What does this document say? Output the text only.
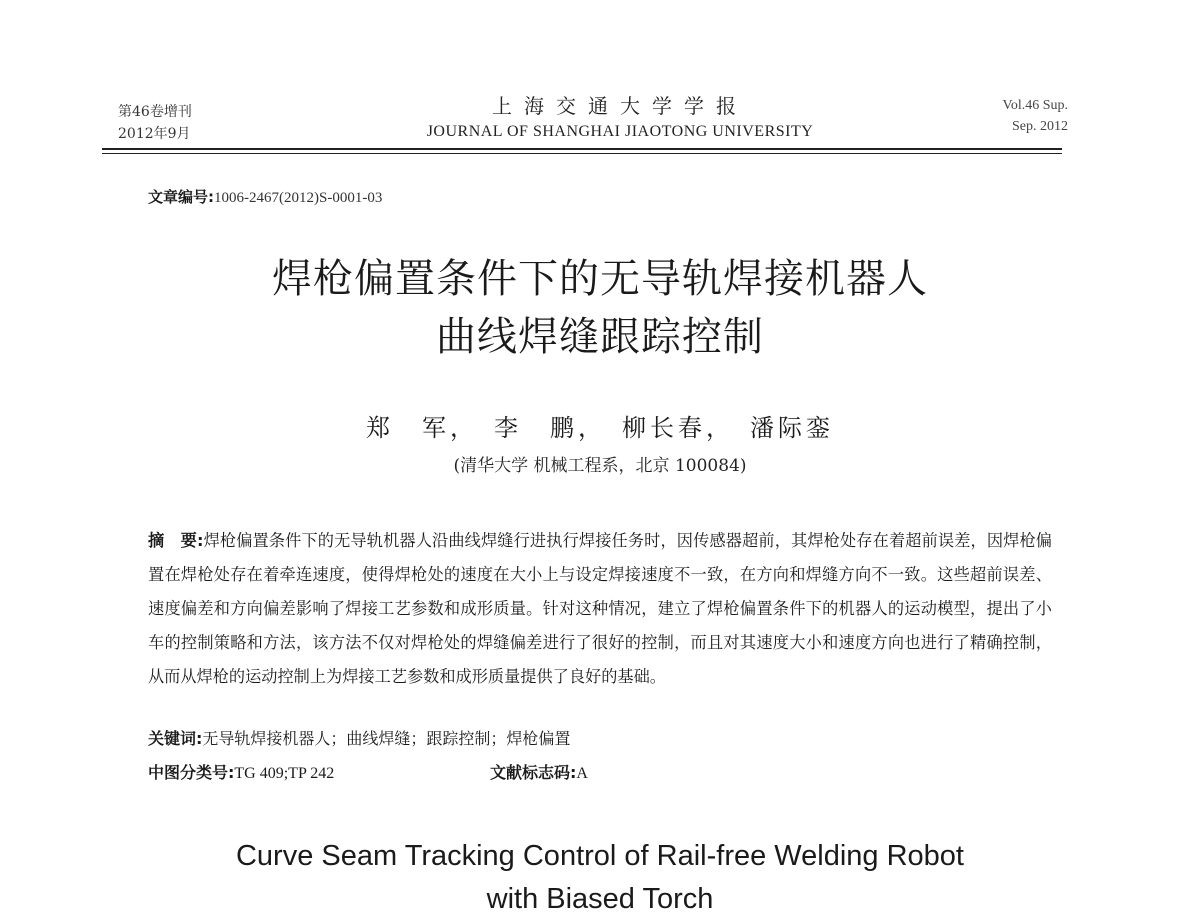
第46卷增刊
2012年9月
上海交通大学学报
JOURNAL OF SHANGHAI JIAOTONG UNIVERSITY
Vol.46 Sup.
Sep. 2012
文章编号:1006-2467(2012)S-0001-03
焊枪偏置条件下的无导轨焊接机器人
曲线焊缝跟踪控制
郑　军，　李　鹏，　柳长春，　潘际銮
(清华大学 机械工程系，北京 100084)
摘　要:焊枪偏置条件下的无导轨机器人沿曲线焊缝行进执行焊接任务时，因传感器超前，其焊枪处存在着超前误差，因焊枪偏置在焊枪处存在着牵连速度，使得焊枪处的速度在大小上与设定焊接速度不一致，在方向和焊缝方向不一致。这些超前误差、速度偏差和方向偏差影响了焊接工艺参数和成形质量。针对这种情况，建立了焊枪偏置条件下的机器人的运动模型，提出了小车的控制策略和方法，该方法不仅对焊枪处的焊缝偏差进行了很好的控制，而且对其速度大小和速度方向也进行了精确控制，从而从焊枪的运动控制上为焊接工艺参数和成形质量提供了良好的基础。
关键词:无导轨焊接机器人；曲线焊缝；跟踪控制；焊枪偏置
中图分类号:TG 409;TP 242	文献标志码:A
Curve Seam Tracking Control of Rail-free Welding Robot
with Biased Torch
